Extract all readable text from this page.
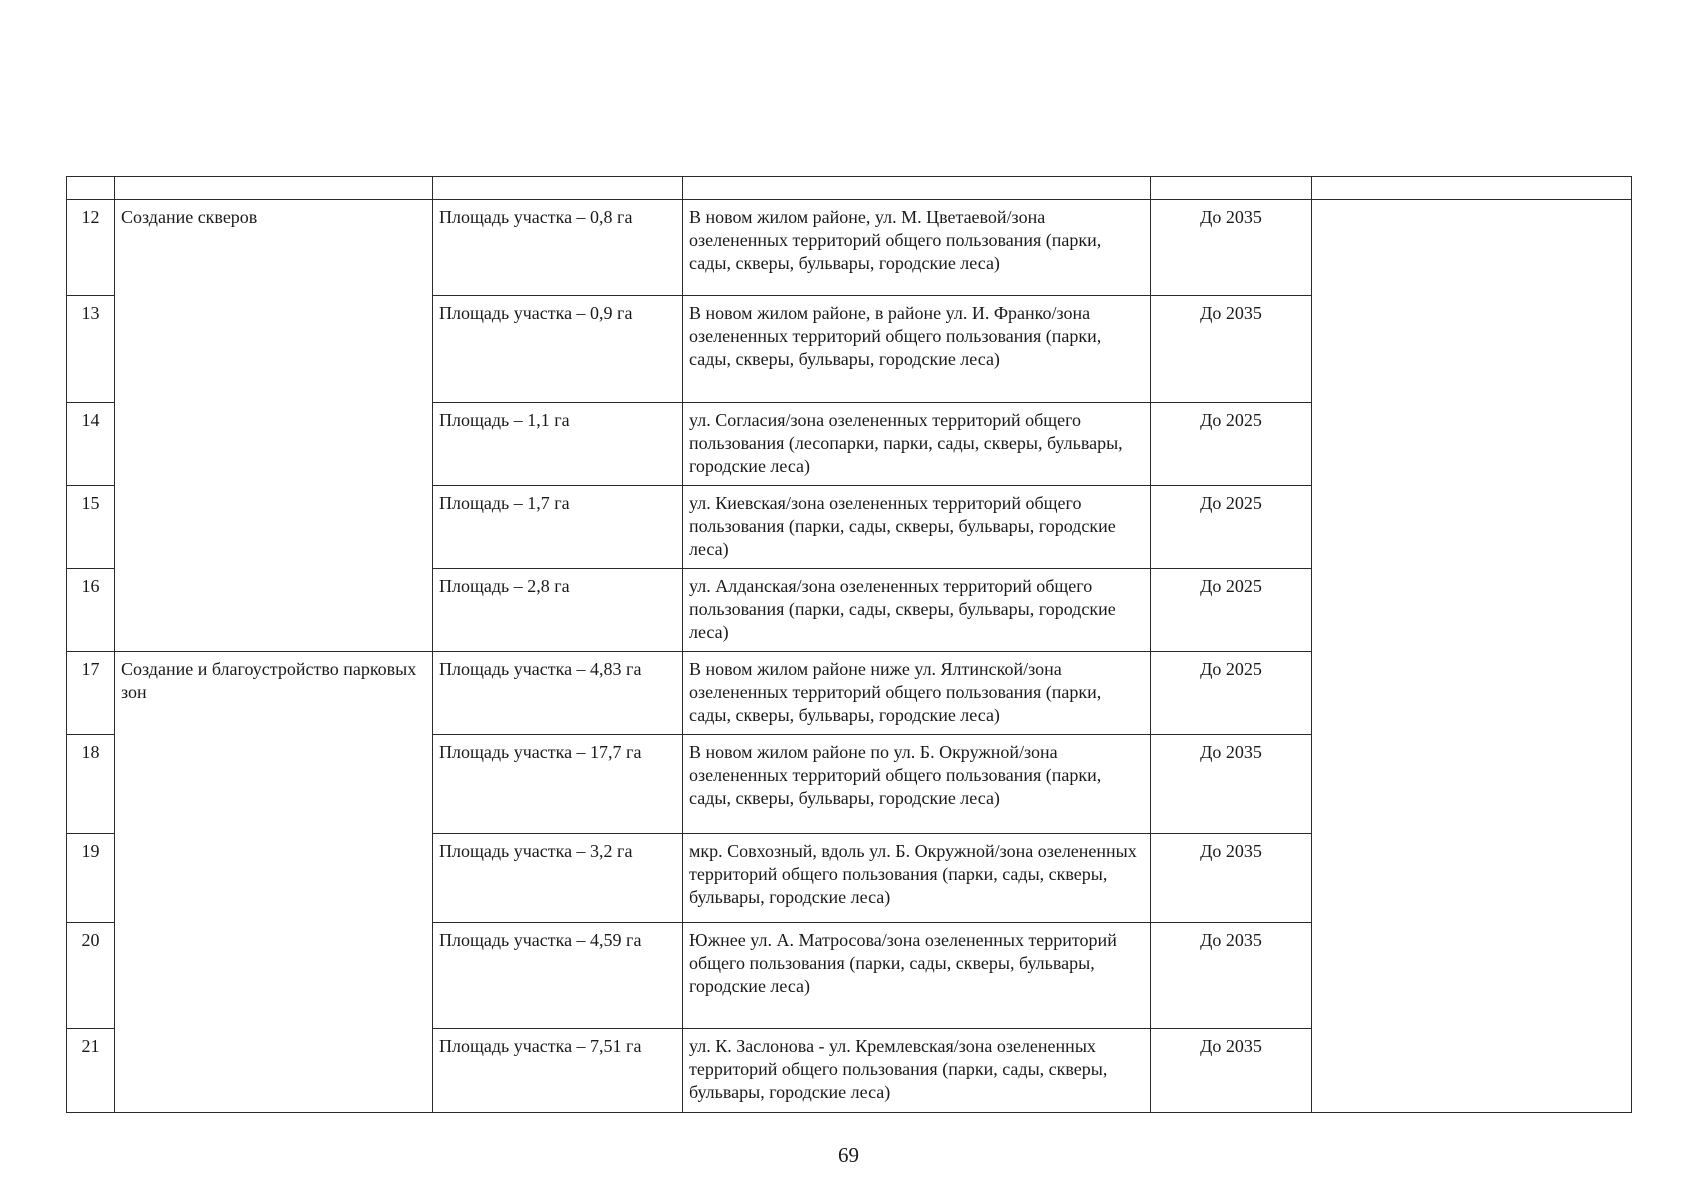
12	Создание скверов	Площадь участка – 0,8 га	В новом жилом районе, ул. М. Цветаевой/зона озелененных территорий общего пользования (парки, сады, скверы, бульвары, городские леса)	До 2035	
13		Площадь участка – 0,9 га	В новом жилом районе, в районе ул. И. Франко/зона озелененных территорий общего пользования (парки, сады, скверы, бульвары, городские леса)	До 2035	
14		Площадь – 1,1 га	ул. Согласия/зона озелененных территорий общего пользования (лесопарки, парки, сады, скверы, бульвары, городские леса)	До 2025	
15		Площадь – 1,7 га	ул. Киевская/зона озелененных территорий общего пользования (парки, сады, скверы, бульвары, городские леса)	До 2025	
16		Площадь – 2,8 га	ул. Алданская/зона озелененных территорий общего пользования (парки, сады, скверы, бульвары, городские леса)	До 2025	
17	Создание и благоустройство парковых зон	Площадь участка – 4,83 га	В новом жилом районе ниже ул. Ялтинской/зона озелененных территорий общего пользования (парки, сады, скверы, бульвары, городские леса)	До 2025	
18		Площадь участка – 17,7 га	В новом жилом районе по ул. Б. Окружной/зона озелененных территорий общего пользования (парки, сады, скверы, бульвары, городские леса)	До 2035	
19		Площадь участка – 3,2 га	мкр. Совхозный, вдоль ул. Б. Окружной/зона озелененных территорий общего пользования (парки, сады, скверы, бульвары, городские леса)	До 2035	
20		Площадь участка – 4,59 га	Южнее ул. А. Матросова/зона озелененных территорий общего пользования (парки, сады, скверы, бульвары, городские леса)	До 2035	
21		Площадь участка – 7,51 га	ул. К. Заслонова - ул. Кремлевская/зона озелененных территорий общего пользования (парки, сады, скверы, бульвары, городские леса)	До 2035	
69
